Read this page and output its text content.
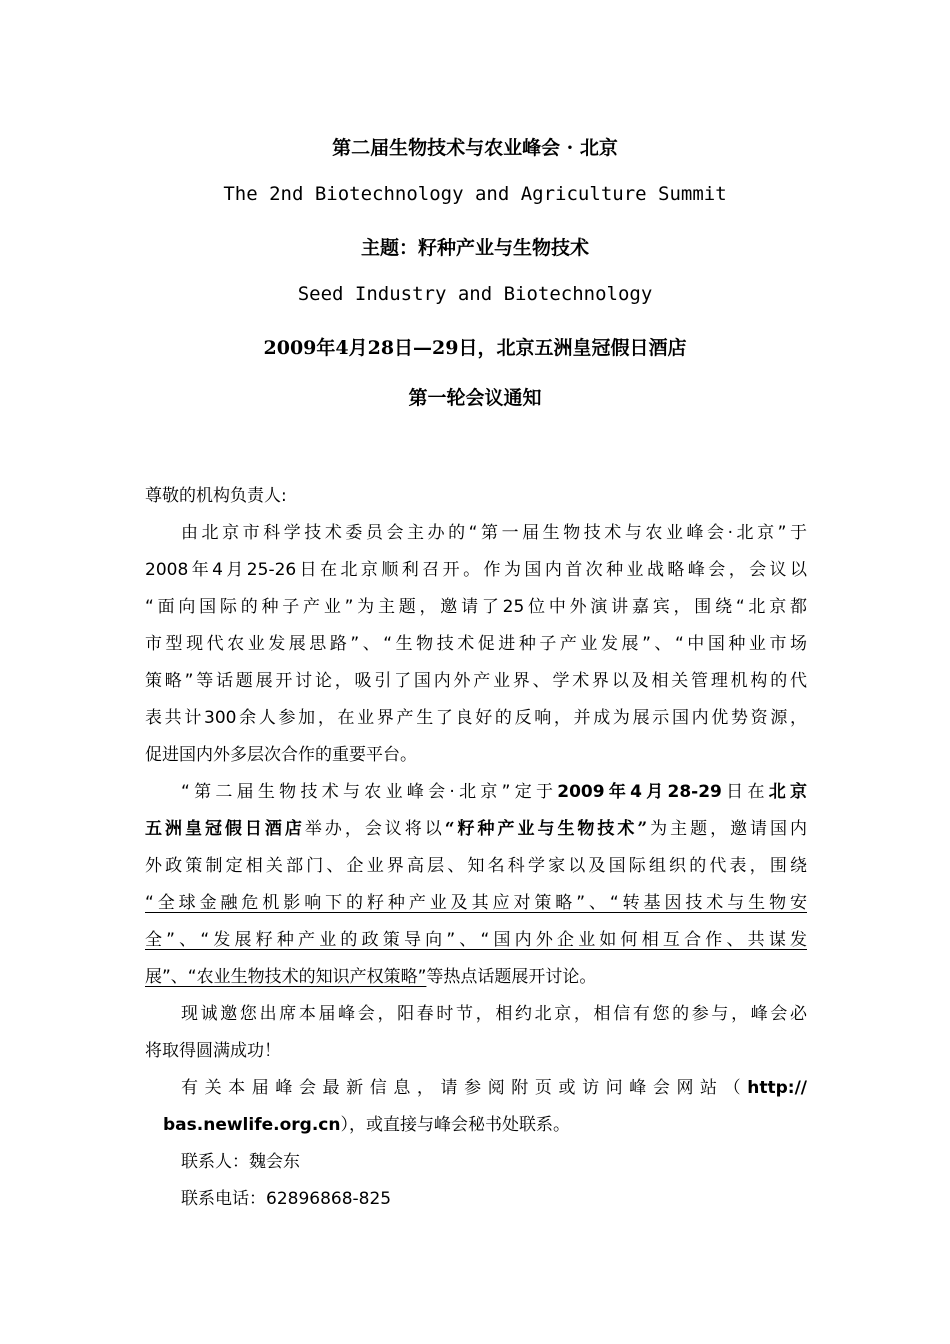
第二届生物技术与农业峰会 · 北京
The 2nd Biotechnology and Agriculture Summit
主题：籽种产业与生物技术
Seed Industry and Biotechnology
2009年4月28日—29日，北京五洲皇冠假日酒店
第一轮会议通知
尊敬的机构负责人:
由北京市科学技术委员会主办的“第一届生物技术与农业峰会·北京”于
2008年4月25-26日在北京顺利召开。作为国内首次种业战略峰会，会议以
“面向国际的种子产业”为主题，邀请了25位中外演讲嘉宾，围绕“北京都
市型现代农业发展思路”、“生物技术促进种子产业发展”、“中国种业市场
策略”等话题展开讨论，吸引了国内外产业界、学术界以及相关管理机构的代
表共计300余人参加，在业界产生了良好的反响，并成为展示国内优势资源，
促进国内外多层次合作的重要平台。
“第二届生物技术与农业峰会·北京”定于2009年4月28-29日在北京
五洲皇冠假日酒店举办，会议将以“籽种产业与生物技术”为主题，邀请国内
外政策制定相关部门、企业界高层、知名科学家以及国际组织的代表，围绕
“全球金融危机影响下的籽种产业及其应对策略”、“转基因技术与生物安
全”、“发展籽种产业的政策导向”、“国内外企业如何相互合作、共谋发
展”、“农业生物技术的知识产权策略”等热点话题展开讨论。
现诚邀您出席本届峰会，阳春时节，相约北京，相信有您的参与，峰会必
将取得圆满成功！
有关本届峰会最新信息，请参阅附页或访问峰会网站（http://
bas.newlife.org.cn），或直接与峰会秘书处联系。
联系人：魏会东
联系电话：62896868-825
